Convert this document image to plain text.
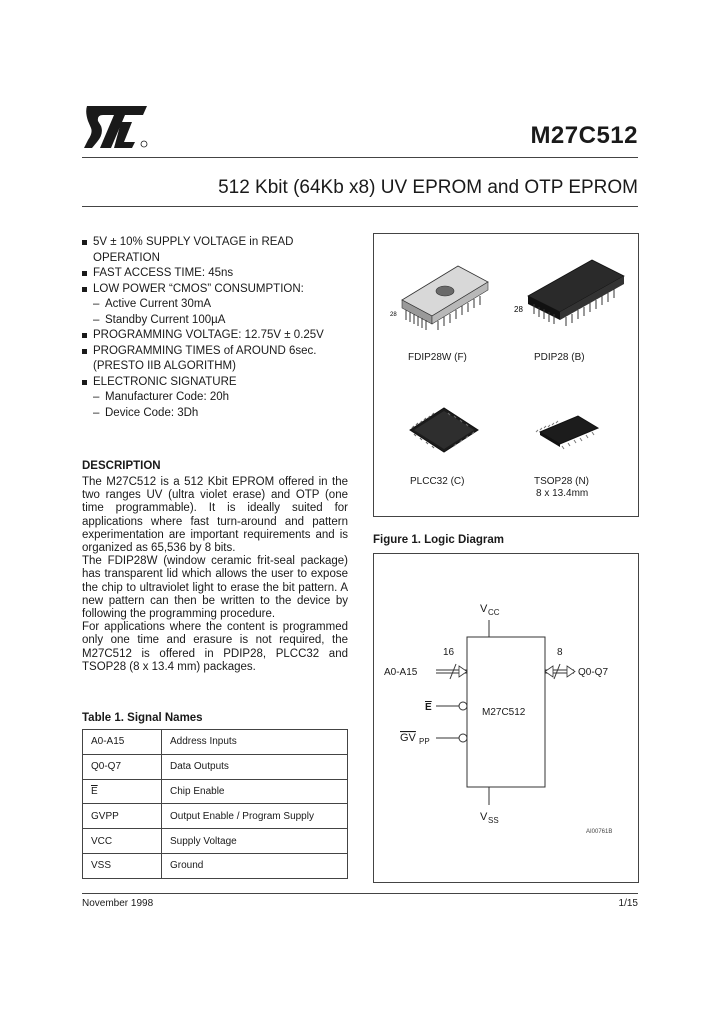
M27C512
512 Kbit (64Kb x8) UV EPROM and OTP EPROM
5V ± 10% SUPPLY VOLTAGE in READ
OPERATION
FAST ACCESS TIME: 45ns
LOW POWER “CMOS” CONSUMPTION:
– Active Current 30mA
– Standby Current 100µA
PROGRAMMING VOLTAGE: 12.75V ± 0.25V
PROGRAMMING TIMES of AROUND 6sec.
(PRESTO IIB ALGORITHM)
ELECTRONIC SIGNATURE
– Manufacturer Code: 20h
– Device Code: 3Dh
DESCRIPTION

The M27C512 is a 512 Kbit EPROM offered in the two ranges UV (ultra violet erase) and OTP (one time programmable). It is ideally suited for applications where fast turn-around and pattern experimentation are important requirements and is organized as 65,536 by 8 bits.

The FDIP28W (window ceramic frit-seal package) has transparent lid which allows the user to expose the chip to ultraviolet light to erase the bit pattern. A new pattern can then be written to the device by following the programming procedure.

For applications where the content is programmed only one time and erasure is not required, the M27C512 is offered in PDIP28, PLCC32 and TSOP28 (8 x 13.4 mm) packages.

Table 1. Signal Names
A0-A15	Address Inputs
Q0-Q7	Data Outputs
$\overline{E}$	Chip Enable
GVPP	Output Enable / Program Supply
VCC	Supply Voltage
VSS	Ground
28
FDIP28W (F)
28
PDIP28 (B)
PLCC32 (C)	TSOP28 (N)
8 x 13.4mm
Figure 1. Logic Diagram
M27C512
V CC
V SS
16
A0-A15
8
Q0-Q7
E
GV PP
AI00761B
November 1998	1/15
